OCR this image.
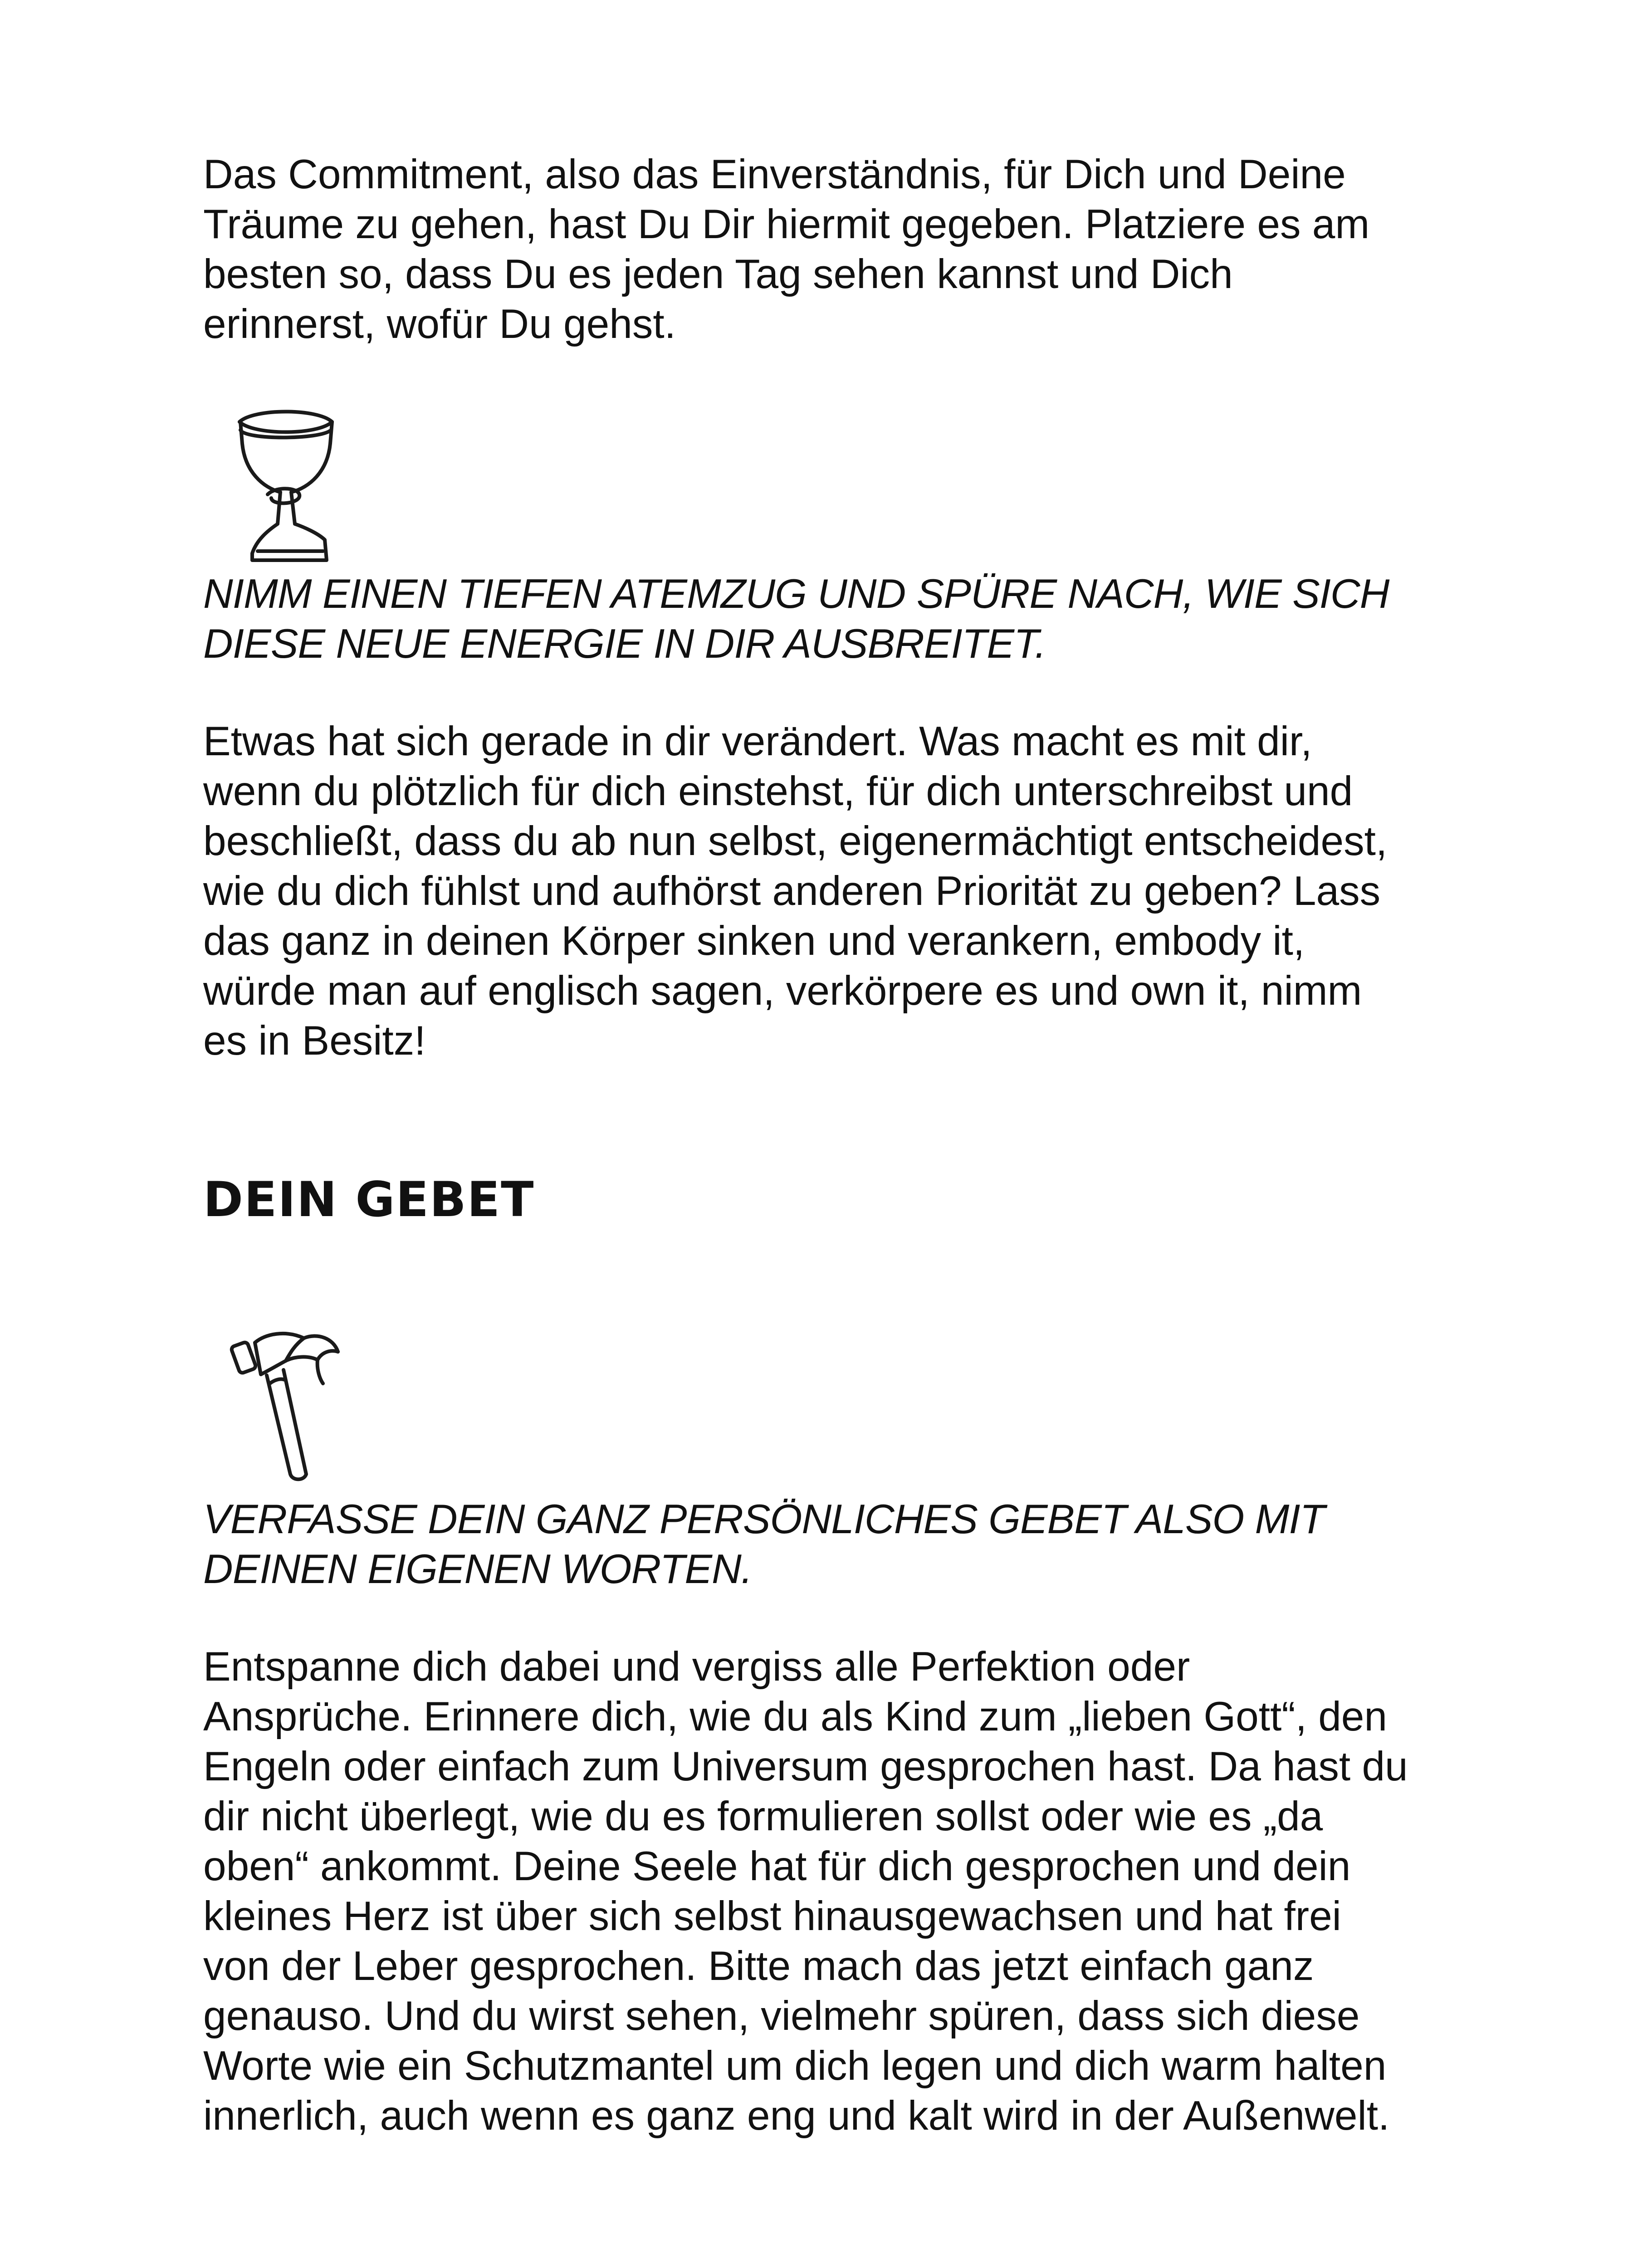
Das Commitment, also das Einverständnis, für Dich und Deine
Träume zu gehen, hast Du Dir hiermit gegeben. Platziere es am
besten so, dass Du es jeden Tag sehen kannst und Dich
erinnerst, wofür Du gehst.

NIMM EINEN TIEFEN ATEMZUG UND SPÜRE NACH, WIE SICH
DIESE NEUE ENERGIE IN DIR AUSBREITET.

Etwas hat sich gerade in dir verändert. Was macht es mit dir,
wenn du plötzlich für dich einstehst, für dich unterschreibst und
beschließt, dass du ab nun selbst, eigenermächtigt entscheidest,
wie du dich fühlst und aufhörst anderen Priorität zu geben? Lass
das ganz in deinen Körper sinken und verankern, embody it,
würde man auf englisch sagen, verkörpere es und own it, nimm
es in Besitz!

DEIN GEBET

VERFASSE DEIN GANZ PERSÖNLICHES GEBET ALSO MIT
DEINEN EIGENEN WORTEN.

Entspanne dich dabei und vergiss alle Perfektion oder
Ansprüche. Erinnere dich, wie du als Kind zum „lieben Gott“, den
Engeln oder einfach zum Universum gesprochen hast. Da hast du
dir nicht überlegt, wie du es formulieren sollst oder wie es „da
oben“ ankommt. Deine Seele hat für dich gesprochen und dein
kleines Herz ist über sich selbst hinausgewachsen und hat frei
von der Leber gesprochen. Bitte mach das jetzt einfach ganz
genauso. Und du wirst sehen, vielmehr spüren, dass sich diese
Worte wie ein Schutzmantel um dich legen und dich warm halten
innerlich, auch wenn es ganz eng und kalt wird in der Außenwelt.
